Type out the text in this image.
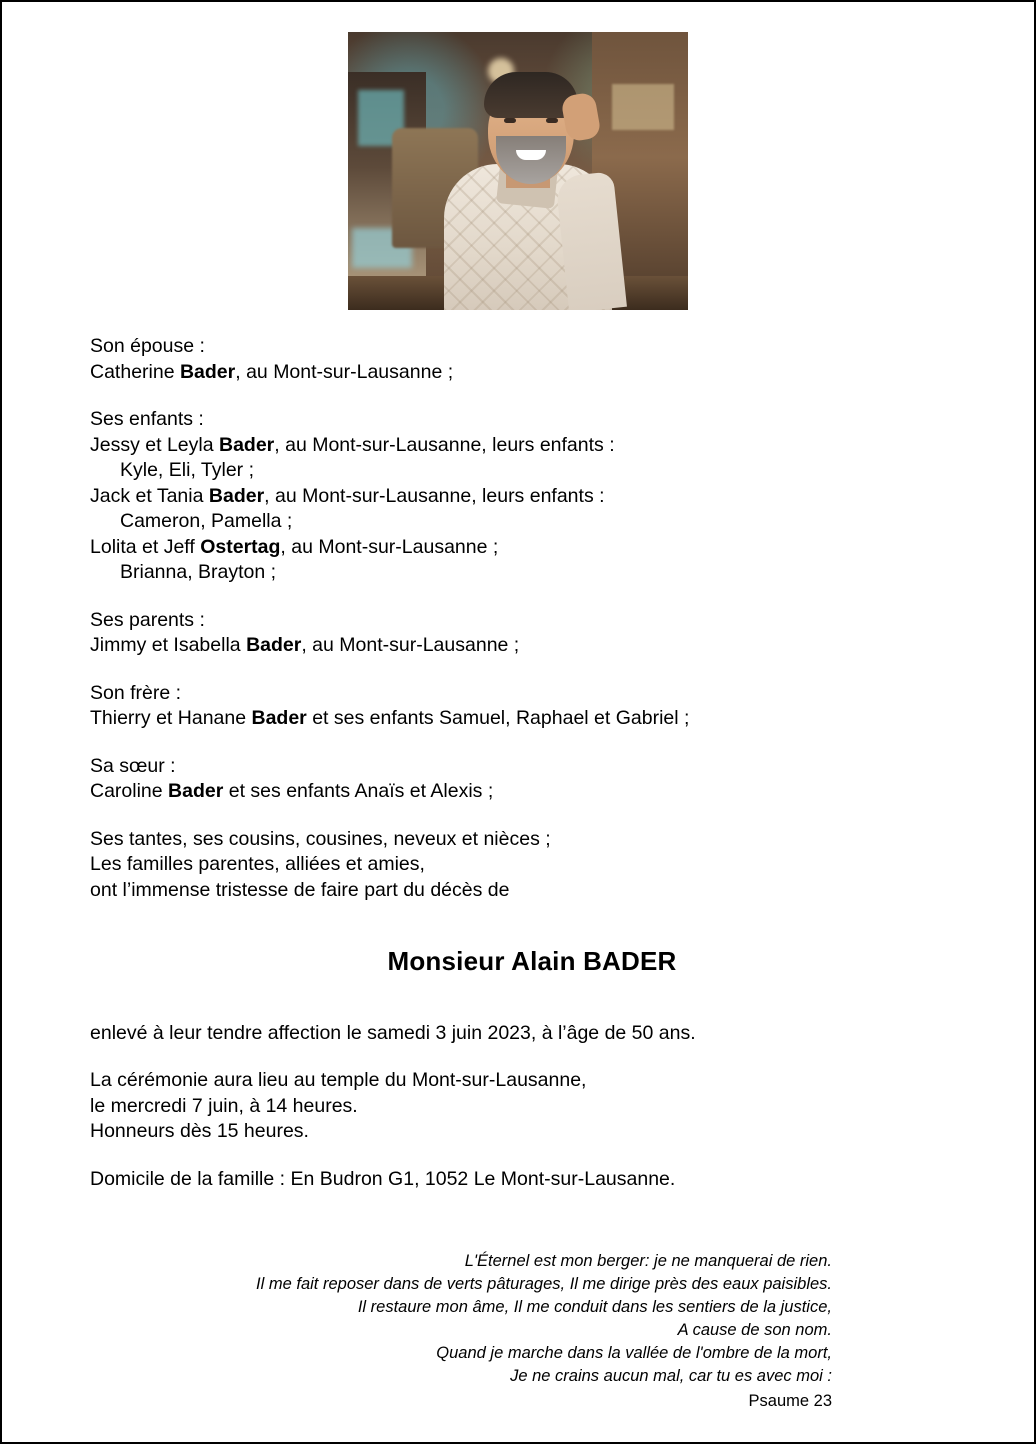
Son épouse :
Catherine Bader, au Mont-sur-Lausanne ;
Ses enfants :
Jessy et Leyla Bader, au Mont-sur-Lausanne, leurs enfants :
Kyle, Eli, Tyler ;
Jack et Tania Bader, au Mont-sur-Lausanne, leurs enfants :
Cameron, Pamella ;
Lolita et Jeff Ostertag, au Mont-sur-Lausanne ;
Brianna, Brayton ;
Ses parents :
Jimmy et Isabella Bader, au Mont-sur-Lausanne ;
Son frère :
Thierry et Hanane Bader et ses enfants Samuel, Raphael et Gabriel ;
Sa sœur :
Caroline Bader et ses enfants Anaïs et Alexis ;
Ses tantes, ses cousins, cousines, neveux et nièces ;
Les familles parentes, alliées et amies,
ont l’immense tristesse de faire part du décès de
Monsieur Alain BADER
enlevé à leur tendre affection le samedi 3 juin 2023, à l’âge de 50 ans.
La cérémonie aura lieu au temple du Mont-sur-Lausanne,
le mercredi 7 juin, à 14 heures.
Honneurs dès 15 heures.
Domicile de la famille : En Budron G1, 1052 Le Mont-sur-Lausanne.
L'Éternel est mon berger: je ne manquerai de rien.
Il me fait reposer dans de verts pâturages, Il me dirige près des eaux paisibles.
Il restaure mon âme, Il me conduit dans les sentiers de la justice,
A cause de son nom.
Quand je marche dans la vallée de l'ombre de la mort,
Je ne crains aucun mal, car tu es avec moi :
Psaume 23
